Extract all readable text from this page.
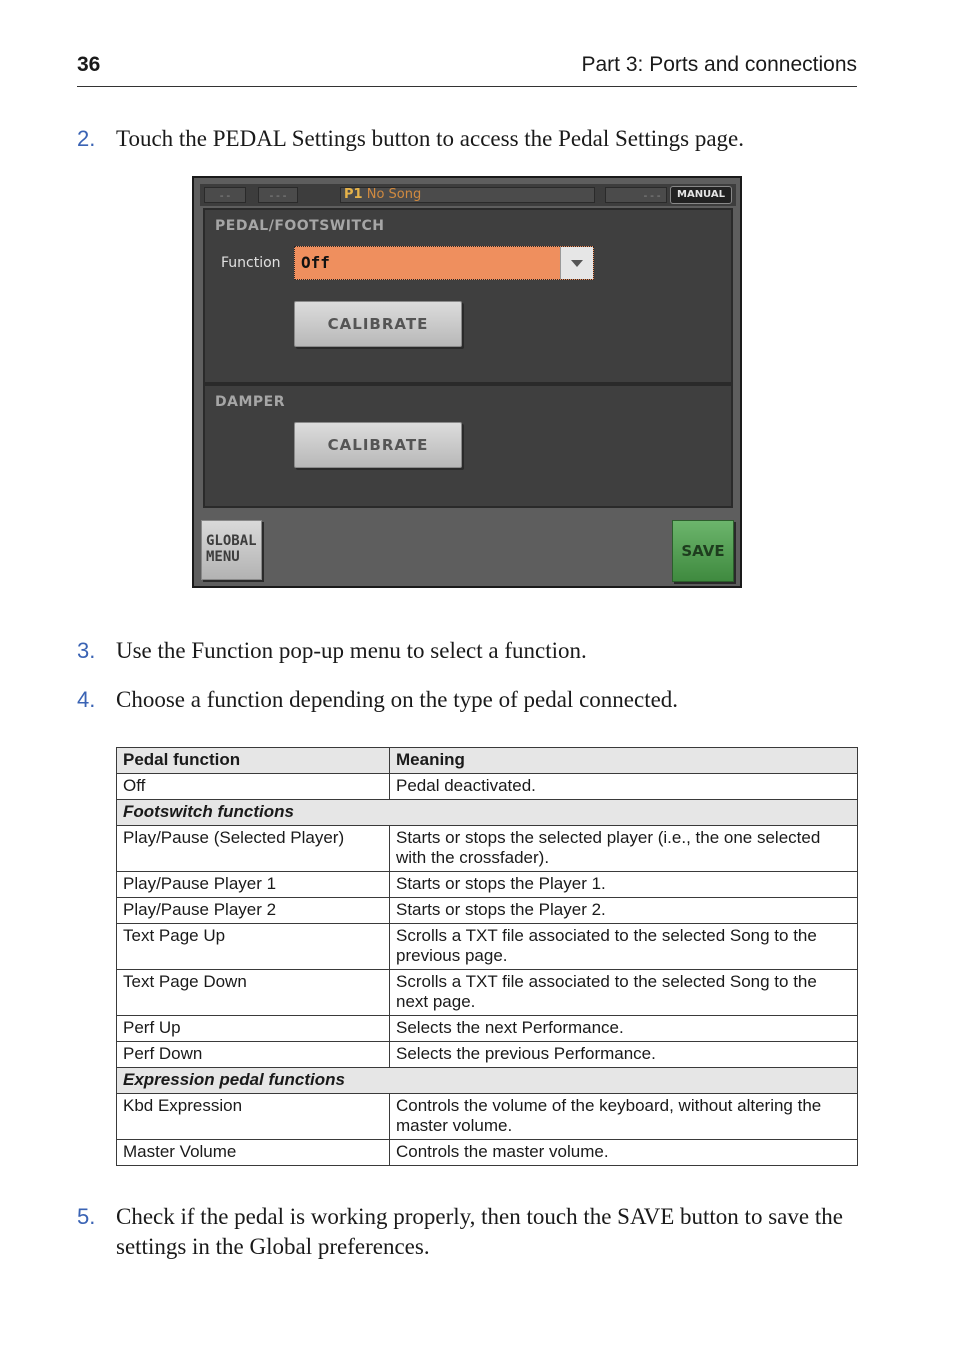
36	Part 3: Ports and connections
2. Touch the PEDAL Settings button to access the Pedal Settings page.
--	---	P1 No Song	---	MANUAL
PEDAL/FOOTSWITCH
Function Off
CALIBRATE
DAMPER
CALIBRATE
GLOBAL
MENU	SAVE
3. Use the Function pop-up menu to select a function.
4. Choose a function depending on the type of pedal connected.
Pedal function	Meaning
Off	Pedal deactivated.
Footswitch functions	
Play/Pause (Selected Player)	Starts or stops the selected player (i.e., the one selected with the crossfader).
Play/Pause Player 1	Starts or stops the Player 1.
Play/Pause Player 2	Starts or stops the Player 2.
Text Page Up	Scrolls a TXT file associated to the selected Song to the previous page.
Text Page Down	Scrolls a TXT file associated to the selected Song to the next page.
Perf Up	Selects the next Performance.
Perf Down	Selects the previous Performance.
Expression pedal functions	
Kbd Expression	Controls the volume of the keyboard, without altering the master volume.
Master Volume	Controls the master volume.
5. Check if the pedal is working properly, then touch the SAVE button to save the settings in the Global preferences.
